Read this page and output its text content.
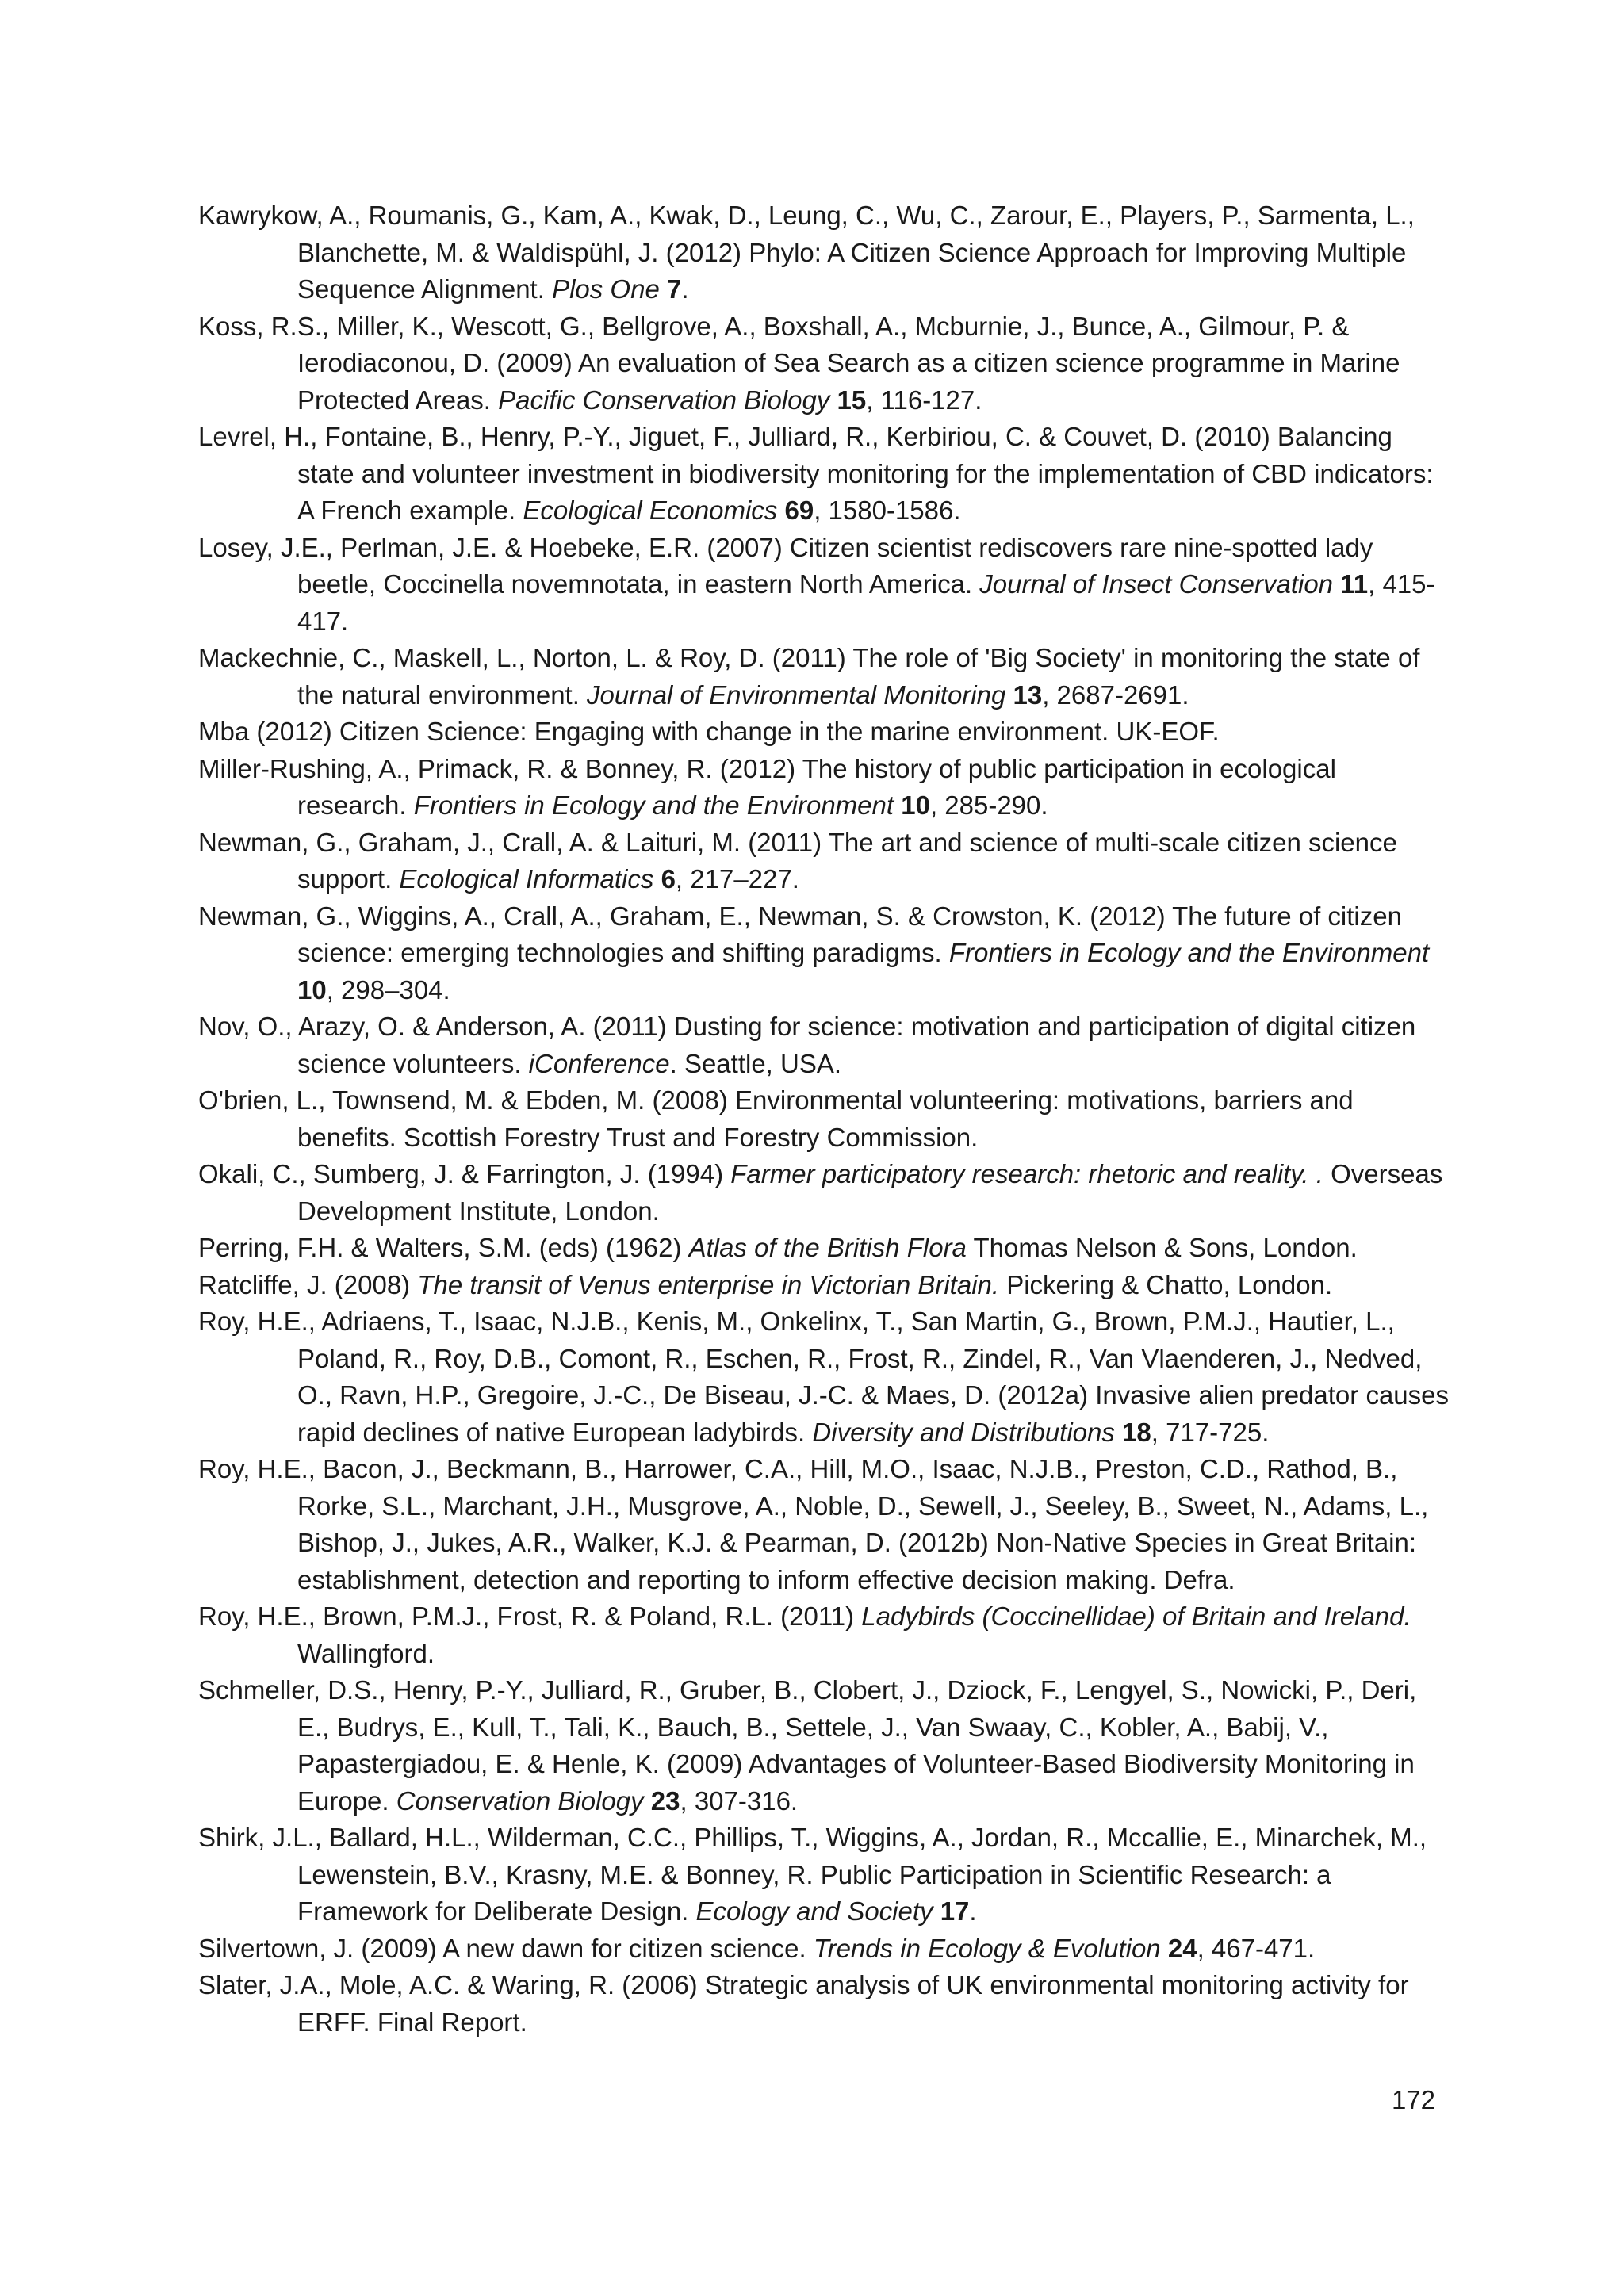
Kawrykow, A., Roumanis, G., Kam, A., Kwak, D., Leung, C., Wu, C., Zarour, E., Players, P., Sarmenta, L., Blanchette, M. & Waldispühl, J. (2012) Phylo: A Citizen Science Approach for Improving Multiple Sequence Alignment. Plos One 7.
Koss, R.S., Miller, K., Wescott, G., Bellgrove, A., Boxshall, A., Mcburnie, J., Bunce, A., Gilmour, P. & Ierodiaconou, D. (2009) An evaluation of Sea Search as a citizen science programme in Marine Protected Areas. Pacific Conservation Biology 15, 116-127.
Levrel, H., Fontaine, B., Henry, P.-Y., Jiguet, F., Julliard, R., Kerbiriou, C. & Couvet, D. (2010) Balancing state and volunteer investment in biodiversity monitoring for the implementation of CBD indicators: A French example. Ecological Economics 69, 1580-1586.
Losey, J.E., Perlman, J.E. & Hoebeke, E.R. (2007) Citizen scientist rediscovers rare nine-spotted lady beetle, Coccinella novemnotata, in eastern North America. Journal of Insect Conservation 11, 415-417.
Mackechnie, C., Maskell, L., Norton, L. & Roy, D. (2011) The role of 'Big Society' in monitoring the state of the natural environment. Journal of Environmental Monitoring 13, 2687-2691.
Mba (2012) Citizen Science: Engaging with change in the marine environment. UK-EOF.
Miller-Rushing, A., Primack, R. & Bonney, R. (2012) The history of public participation in ecological research. Frontiers in Ecology and the Environment 10, 285-290.
Newman, G., Graham, J., Crall, A. & Laituri, M. (2011) The art and science of multi-scale citizen science support. Ecological Informatics 6, 217–227.
Newman, G., Wiggins, A., Crall, A., Graham, E., Newman, S. & Crowston, K. (2012) The future of citizen science: emerging technologies and shifting paradigms. Frontiers in Ecology and the Environment 10, 298–304.
Nov, O., Arazy, O. & Anderson, A. (2011) Dusting for science: motivation and participation of digital citizen science volunteers. iConference. Seattle, USA.
O'brien, L., Townsend, M. & Ebden, M. (2008) Environmental volunteering: motivations, barriers and benefits. Scottish Forestry Trust and Forestry Commission.
Okali, C., Sumberg, J. & Farrington, J. (1994) Farmer participatory research: rhetoric and reality. . Overseas Development Institute, London.
Perring, F.H. & Walters, S.M. (eds) (1962) Atlas of the British Flora Thomas Nelson & Sons, London.
Ratcliffe, J. (2008) The transit of Venus enterprise in Victorian Britain. Pickering & Chatto, London.
Roy, H.E., Adriaens, T., Isaac, N.J.B., Kenis, M., Onkelinx, T., San Martin, G., Brown, P.M.J., Hautier, L., Poland, R., Roy, D.B., Comont, R., Eschen, R., Frost, R., Zindel, R., Van Vlaenderen, J., Nedved, O., Ravn, H.P., Gregoire, J.-C., De Biseau, J.-C. & Maes, D. (2012a) Invasive alien predator causes rapid declines of native European ladybirds. Diversity and Distributions 18, 717-725.
Roy, H.E., Bacon, J., Beckmann, B., Harrower, C.A., Hill, M.O., Isaac, N.J.B., Preston, C.D., Rathod, B., Rorke, S.L., Marchant, J.H., Musgrove, A., Noble, D., Sewell, J., Seeley, B., Sweet, N., Adams, L., Bishop, J., Jukes, A.R., Walker, K.J. & Pearman, D. (2012b) Non-Native Species in Great Britain: establishment, detection and reporting to inform effective decision making. Defra.
Roy, H.E., Brown, P.M.J., Frost, R. & Poland, R.L. (2011) Ladybirds (Coccinellidae) of Britain and Ireland. Wallingford.
Schmeller, D.S., Henry, P.-Y., Julliard, R., Gruber, B., Clobert, J., Dziock, F., Lengyel, S., Nowicki, P., Deri, E., Budrys, E., Kull, T., Tali, K., Bauch, B., Settele, J., Van Swaay, C., Kobler, A., Babij, V., Papastergiadou, E. & Henle, K. (2009) Advantages of Volunteer-Based Biodiversity Monitoring in Europe. Conservation Biology 23, 307-316.
Shirk, J.L., Ballard, H.L., Wilderman, C.C., Phillips, T., Wiggins, A., Jordan, R., Mccallie, E., Minarchek, M., Lewenstein, B.V., Krasny, M.E. & Bonney, R. Public Participation in Scientific Research: a Framework for Deliberate Design. Ecology and Society 17.
Silvertown, J. (2009) A new dawn for citizen science. Trends in Ecology & Evolution 24, 467-471.
Slater, J.A., Mole, A.C. & Waring, R. (2006) Strategic analysis of UK environmental monitoring activity for ERFF. Final Report.
172
